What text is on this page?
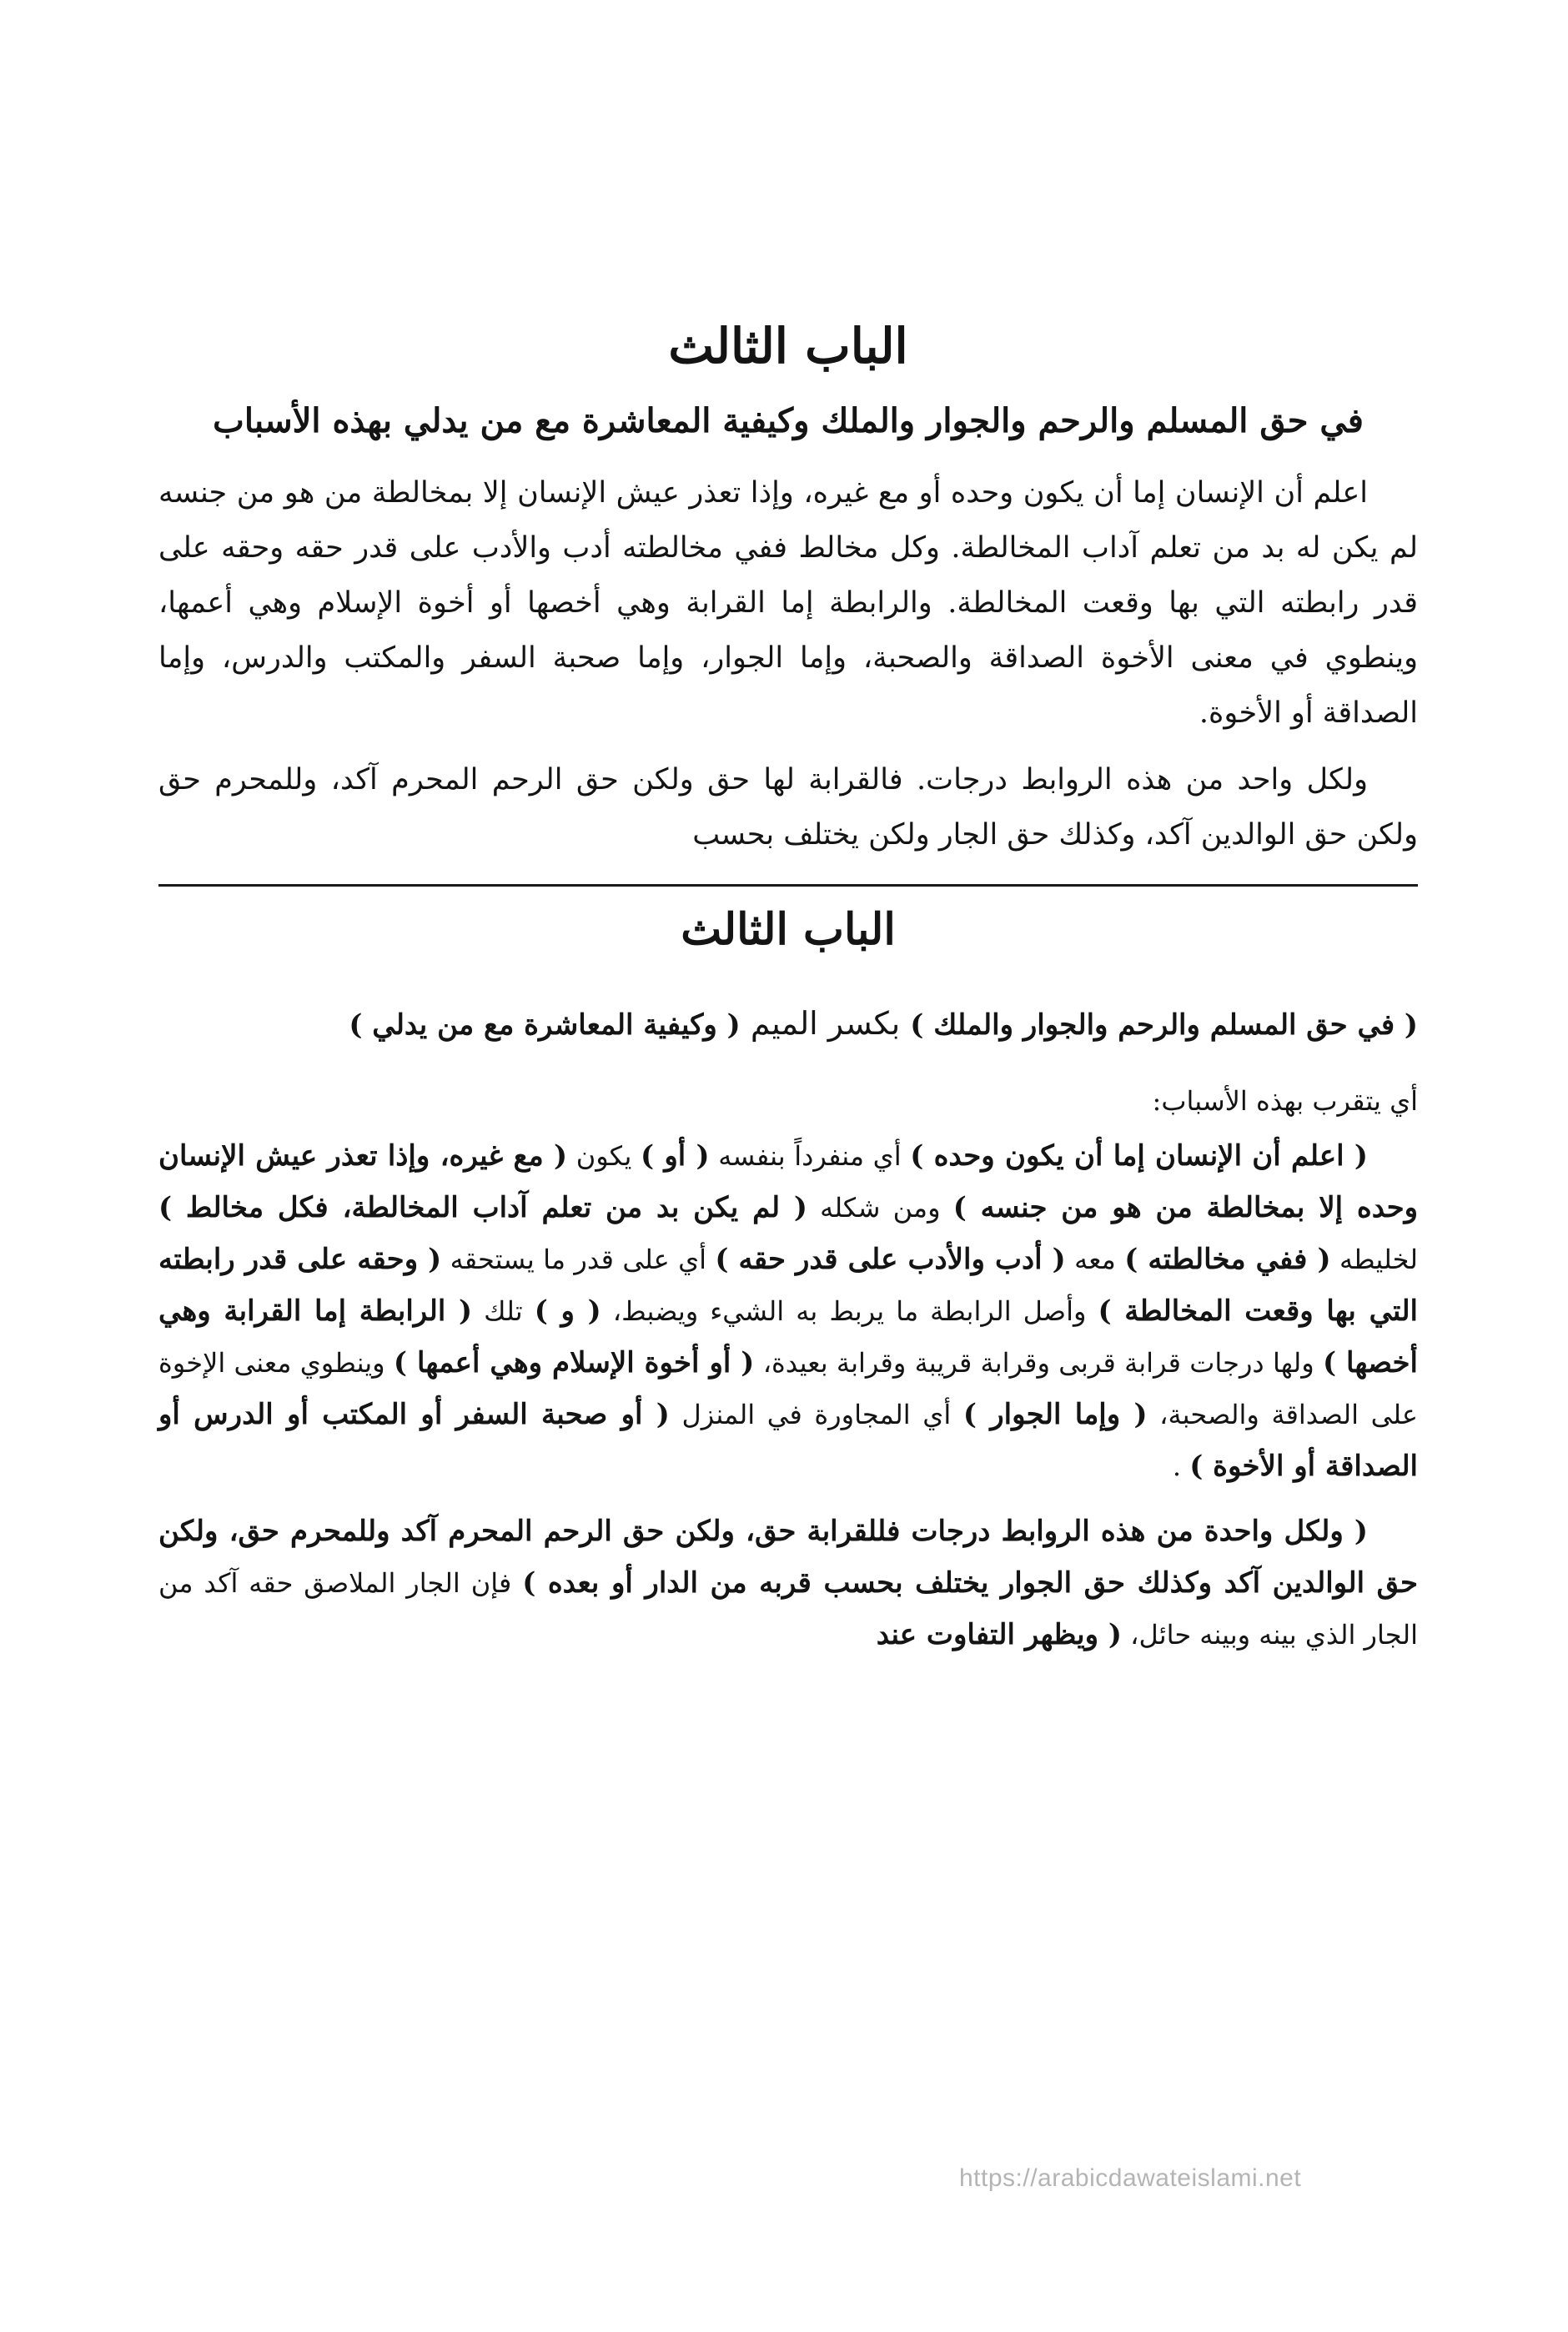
الباب الثالث
في حق المسلم والرحم والجوار والملك وكيفية المعاشرة مع من يدلي بهذه الأسباب

اعلم أن الإنسان إما أن يكون وحده أو مع غيره، وإذا تعذر عيش الإنسان إلا بمخالطة من هو من جنسه لم يكن له بد من تعلم آداب المخالطة. وكل مخالط ففي مخالطته أدب والأدب على قدر حقه وحقه على قدر رابطته التي بها وقعت المخالطة. والرابطة إما القرابة وهي أخصها أو أخوة الإسلام وهي أعمها، وينطوي في معنى الأخوة الصداقة والصحبة، وإما الجوار، وإما صحبة السفر والمكتب والدرس، وإما الصداقة أو الأخوة.

ولكل واحد من هذه الروابط درجات. فالقرابة لها حق ولكن حق الرحم المحرم آكد، وللمحرم حق ولكن حق الوالدين آكد، وكذلك حق الجار ولكن يختلف بحسب

الباب الثالث
( في حق المسلم والرحم والجوار والملك ) بكسر الميم ( وكيفية المعاشرة مع من يدلي )

أي يتقرب بهذه الأسباب:

( اعلم أن الإنسان إما أن يكون وحده ) أي منفرداً بنفسه ( أو ) يكون ( مع غيره، وإذا تعذر عيش الإنسان وحده إلا بمخالطة من هو من جنسه ) ومن شكله ( لم يكن بد من تعلم آداب المخالطة، فكل مخالط ) لخليطه ( ففي مخالطته ) معه ( أدب والأدب على قدر حقه ) أي على قدر ما يستحقه ( وحقه على قدر رابطته التي بها وقعت المخالطة ) وأصل الرابطة ما يربط به الشيء ويضبط، ( و ) تلك ( الرابطة إما القرابة وهي أخصها ) ولها درجات قرابة قربى وقرابة قريبة وقرابة بعيدة، ( أو أخوة الإسلام وهي أعمها ) وينطوي معنى الإخوة على الصداقة والصحبة، ( وإما الجوار ) أي المجاورة في المنزل ( أو صحبة السفر أو المكتب أو الدرس أو الصداقة أو الأخوة ) .

( ولكل واحدة من هذه الروابط درجات فللقرابة حق، ولكن حق الرحم المحرم آكد وللمحرم حق، ولكن حق الوالدين آكد وكذلك حق الجوار يختلف بحسب قربه من الدار أو بعده ) فإن الجار الملاصق حقه آكد من الجار الذي بينه وبينه حائل، ( ويظهر التفاوت عند

https://arabicdawateislami.net
